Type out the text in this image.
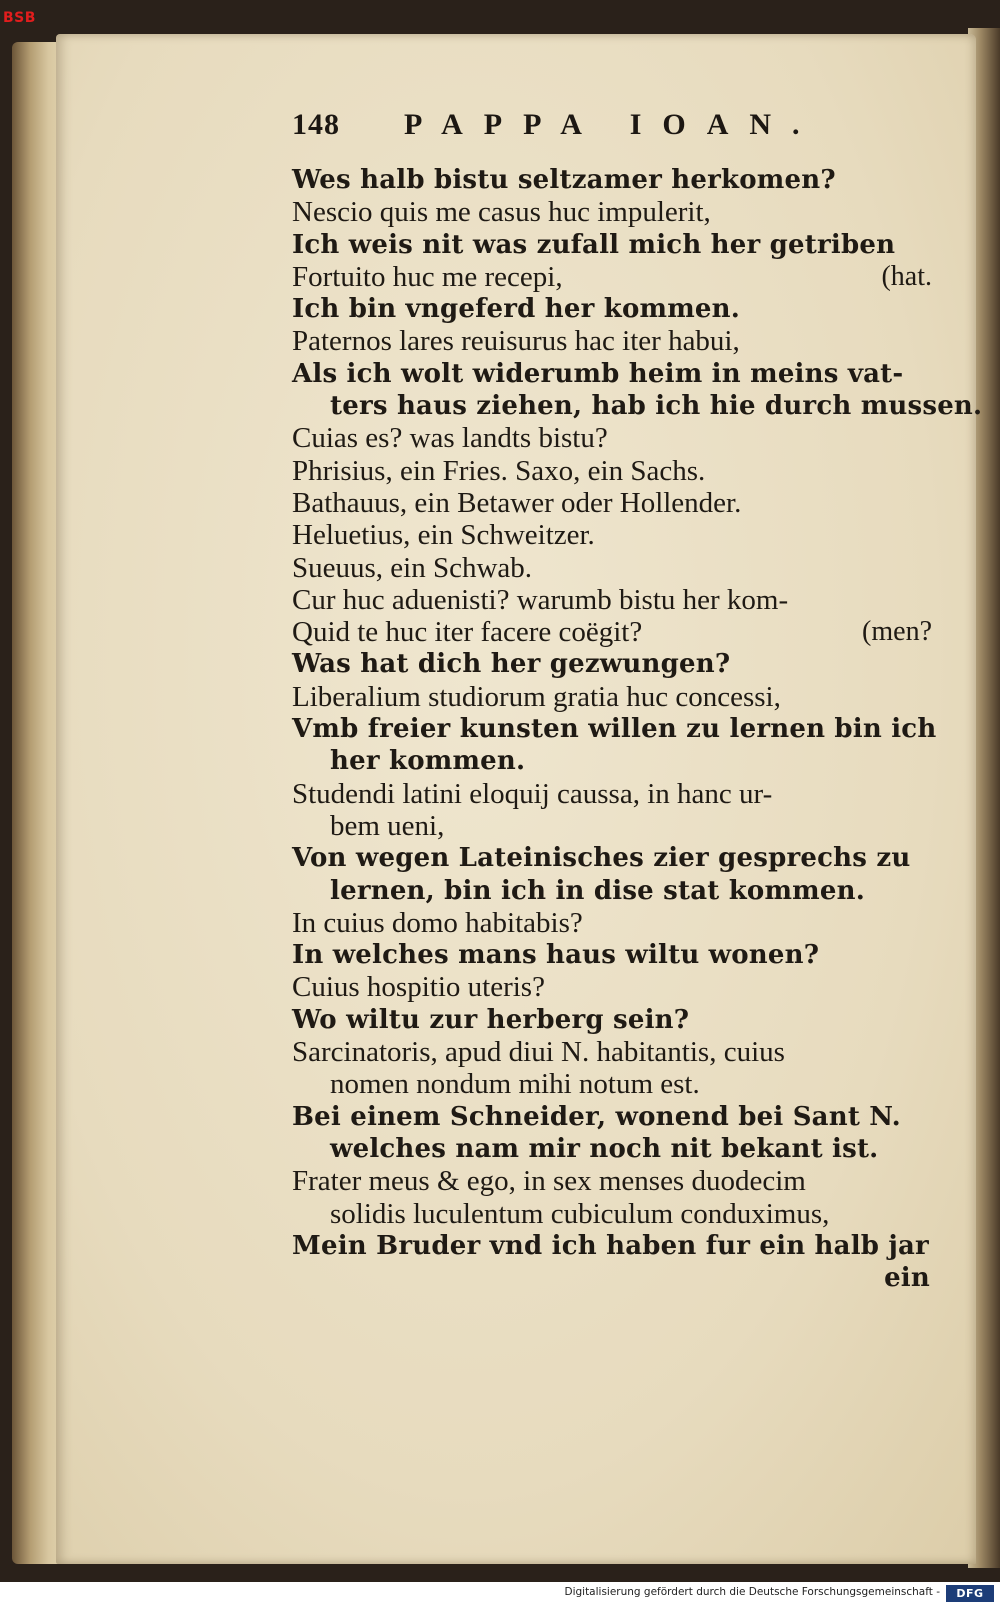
BSB
148 PAPPA IOAN.
Wes halb bistu seltzamer herkomen?
Nescio quis me casus huc impulerit,
Ich weis nit was zufall mich her getriben
Fortuito huc me recepi,	(hat.
Ich bin vngeferd her kommen.
Paternos lares reuisurus hac iter habui,
Als ich wolt widerumb heim in meins vat-
ters haus ziehen, hab ich hie durch mussen.
Cuias es? was landts bistu?
Phrisius, ein Fries. Saxo, ein Sachs.
Bathauus, ein Betawer oder Hollender.
Heluetius, ein Schweitzer.
Sueuus, ein Schwab.
Cur huc aduenisti? warumb bistu her kom-
Quid te huc iter facere coëgit?	(men?
Was hat dich her gezwungen?
Liberalium studiorum gratia huc concessi,
Vmb freier kunsten willen zu lernen bin ich
her kommen.
Studendi latini eloquij caussa, in hanc ur-
bem ueni,
Von wegen Lateinisches zier gesprechs zu
lernen, bin ich in dise stat kommen.
In cuius domo habitabis?
In welches mans haus wiltu wonen?
Cuius hospitio uteris?
Wo wiltu zur herberg sein?
Sarcinatoris, apud diui N. habitantis, cuius
nomen nondum mihi notum est.
Bei einem Schneider, wonend bei Sant N.
welches nam mir noch nit bekant ist.
Frater meus & ego, in sex menses duodecim
solidis luculentum cubiculum conduximus,
Mein Bruder vnd ich haben fur ein halb jar
ein
Digitalisierung gefördert durch die Deutsche Forschungsgemeinschaft -	DFG
